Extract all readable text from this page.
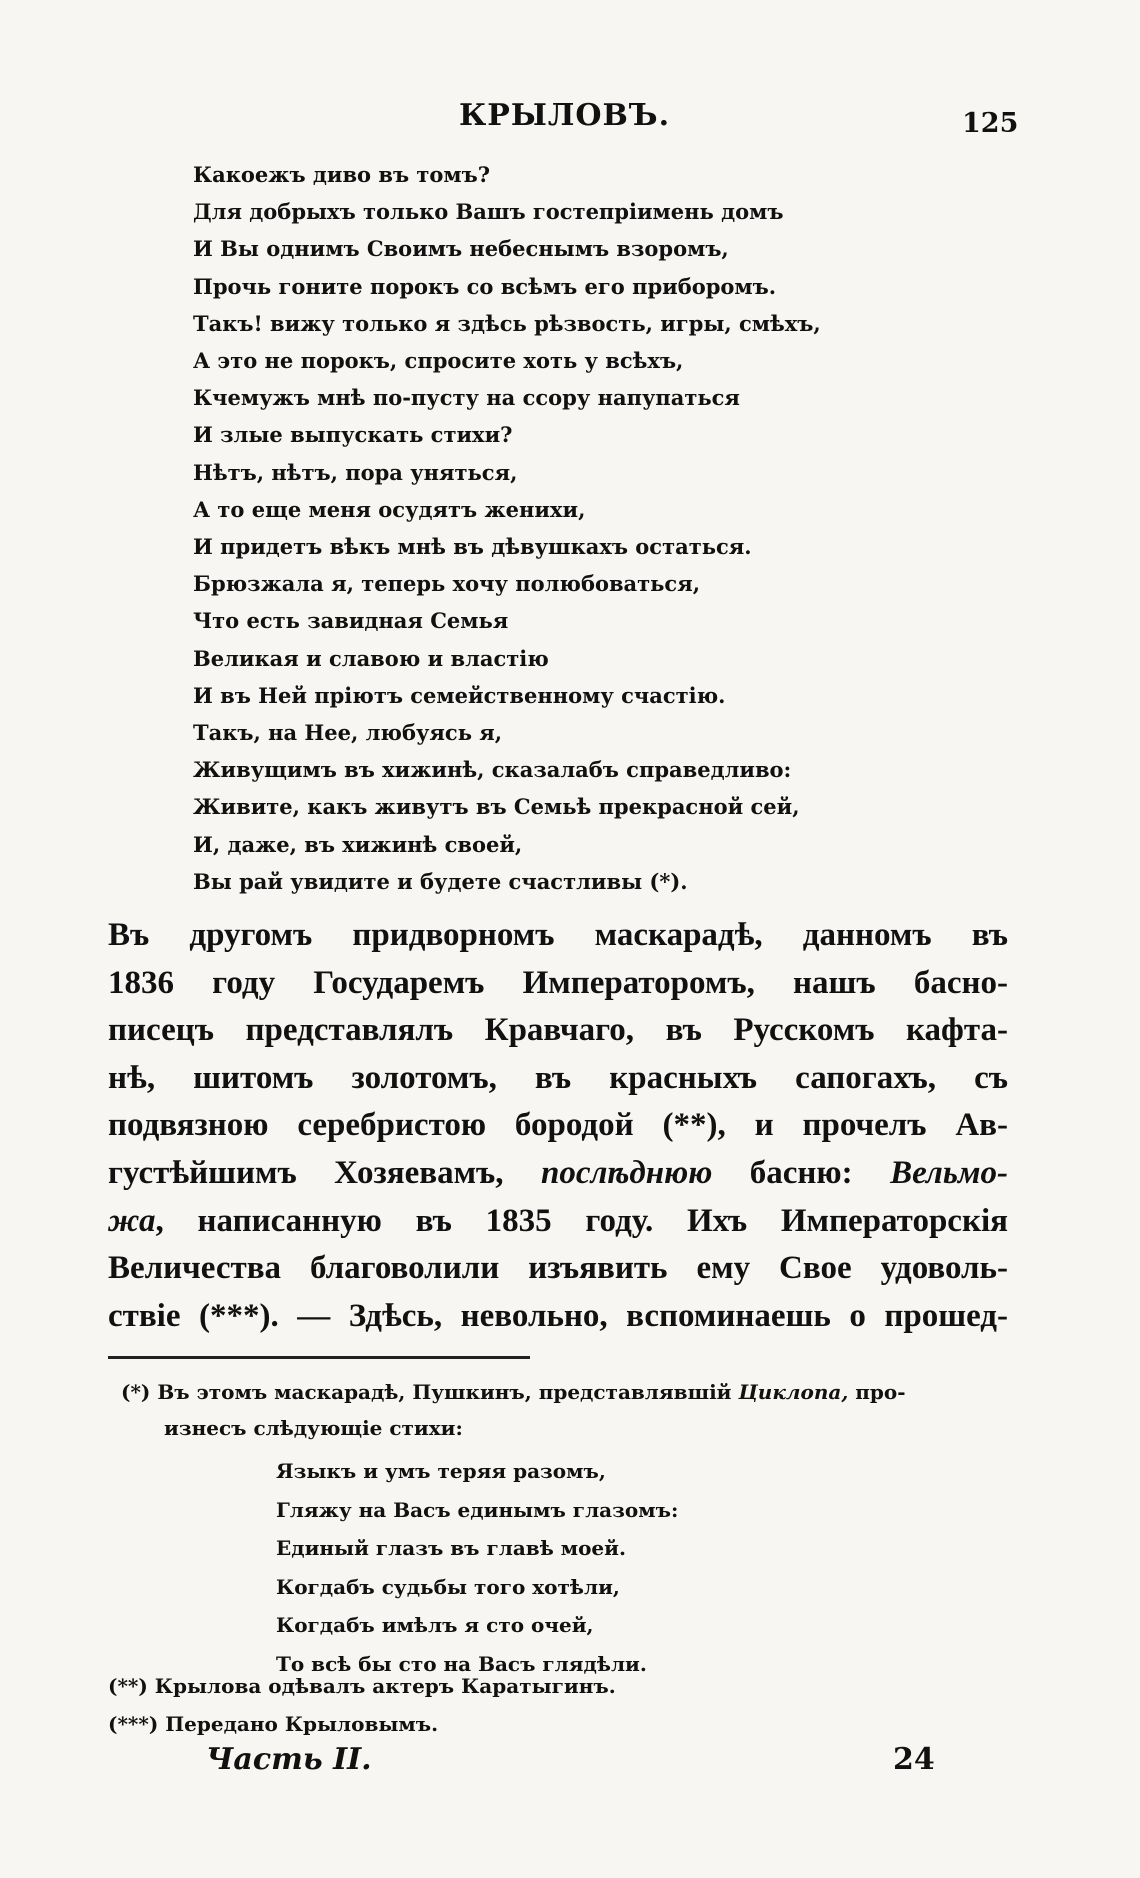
КРЫЛОВЪ.	125
Какоежъ диво въ томъ?
Для добрыхъ только Вашъ гостепріимень домъ
И Вы однимъ Своимъ небеснымъ взоромъ,
Прочь гоните порокъ со всѣмъ его приборомъ.
Такъ! вижу только я здѣсь рѣзвость, игры, смѣхъ,
А это не порокъ, спросите хоть у всѣхъ,
Кчемужъ мнѣ по-пусту на ссору напупаться
И злые выпускать стихи?
Нѣтъ, нѣтъ, пора уняться,
А то еще меня осудятъ женихи,
И придетъ вѣкъ мнѣ въ дѣвушкахъ остаться.
Брюзжала я, теперь хочу полюбоваться,
Что есть завидная Семья
Великая и славою и властію
И въ Ней пріютъ семейственному счастію.
Такъ, на Нее, любуясь я,
Живущимъ въ хижинѣ, сказалабъ справедливо:
Живите, какъ живутъ въ Семьѣ прекрасной сей,
И, даже, въ хижинѣ своей,
Вы рай увидите и будете счастливы (*).
Въ другомъ придворномъ маскарадѣ, данномъ въ
1836 году Государемъ Императоромъ, нашъ басно-
писецъ представлялъ Кравчаго, въ Русскомъ кафта-
нѣ, шитомъ золотомъ, въ красныхъ сапогахъ, съ
подвязною серебристою бородой (**), и прочелъ Ав-
густѣйшимъ Хозяевамъ, послѣднюю басню: Вельмо-
жа, написанную въ 1835 году. Ихъ Императорскія
Величества благоволили изъявить ему Свое удоволь-
ствіе (***). — Здѣсь, невольно, вспоминаешь о прошед-
(*) Въ этомъ маскарадѣ, Пушкинъ, представлявшій Циклопа, про-
изнесъ слѣдующіе стихи:
Языкъ и умъ теряя разомъ,
Гляжу на Васъ единымъ глазомъ:
Единый глазъ въ главѣ моей.
Когдабъ судьбы того хотѣли,
Когдабъ имѣлъ я сто очей,
То всѣ бы сто на Васъ глядѣли.
(**) Крылова одѣвалъ актеръ Каратыгинъ.
(***) Передано Крыловымъ.
Часть II.	24
